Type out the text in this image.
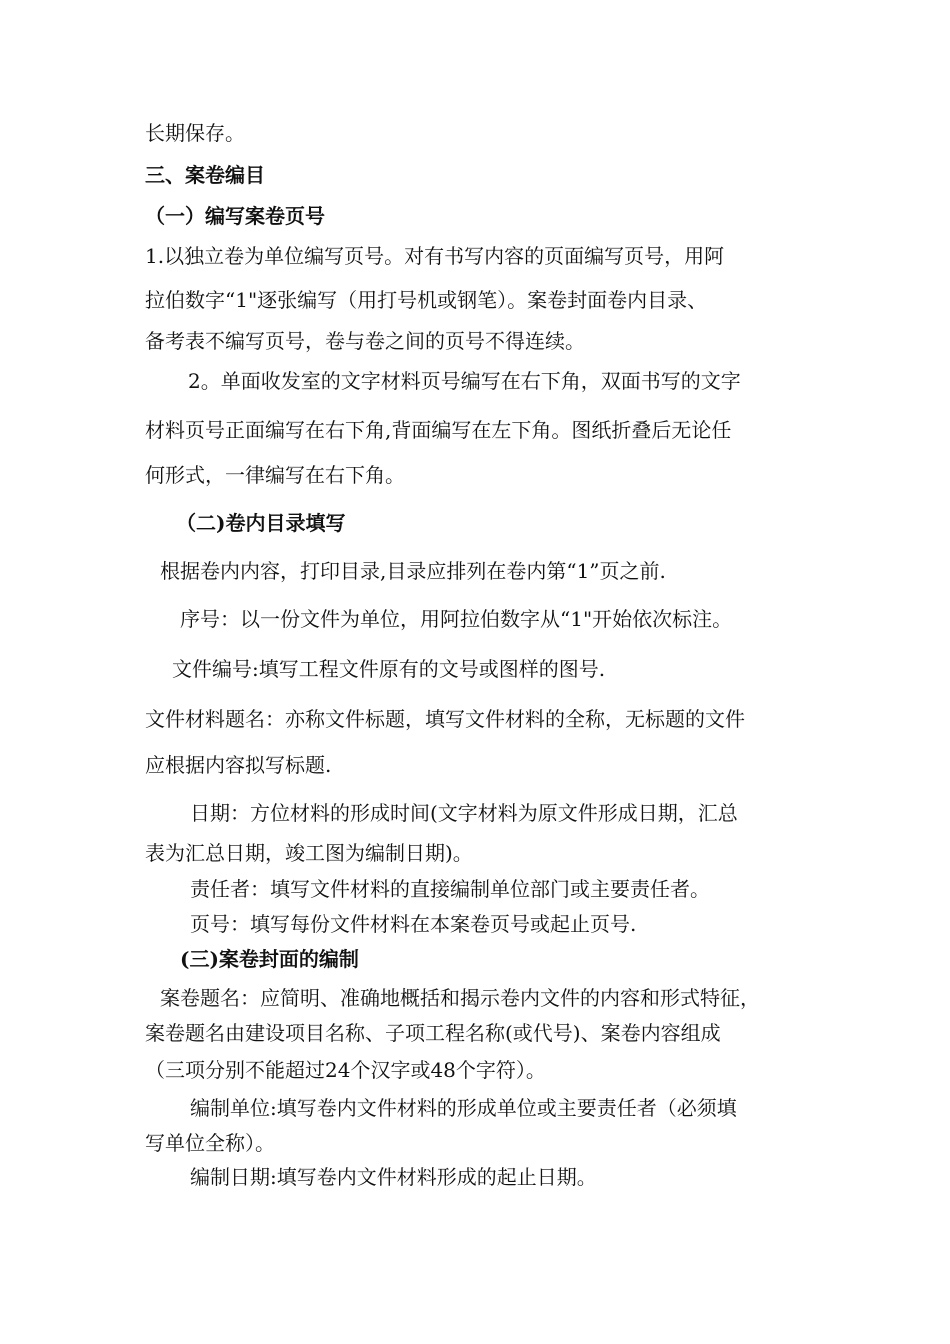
长期保存。

三、案卷编目

（一）编写案卷页号

1.以独立卷为单位编写页号。对有书写内容的页面编写页号，用阿

拉伯数字“1"逐张编写（用打号机或钢笔）。案卷封面卷内目录、

备考表不编写页号，卷与卷之间的页号不得连续。

2。单面收发室的文字材料页号编写在右下角，双面书写的文字

材料页号正面编写在右下角,背面编写在左下角。图纸折叠后无论任

何形式，一律编写在右下角。

（二)卷内目录填写

根据卷内内容，打印目录,目录应排列在卷内第“1”页之前.

序号：以一份文件为单位，用阿拉伯数字从“1"开始依次标注。

文件编号:填写工程文件原有的文号或图样的图号.

文件材料题名：亦称文件标题，填写文件材料的全称，无标题的文件

应根据内容拟写标题.

日期：方位材料的形成时间(文字材料为原文件形成日期，汇总

表为汇总日期，竣工图为编制日期)。

责任者：填写文件材料的直接编制单位部门或主要责任者。

页号：填写每份文件材料在本案卷页号或起止页号.

(三)案卷封面的编制

案卷题名：应简明、准确地概括和揭示卷内文件的内容和形式特征，

案卷题名由建设项目名称、子项工程名称(或代号)、案卷内容组成

（三项分别不能超过24个汉字或48个字符）。

编制单位:填写卷内文件材料的形成单位或主要责任者（必须填

写单位全称）。

编制日期:填写卷内文件材料形成的起止日期。
